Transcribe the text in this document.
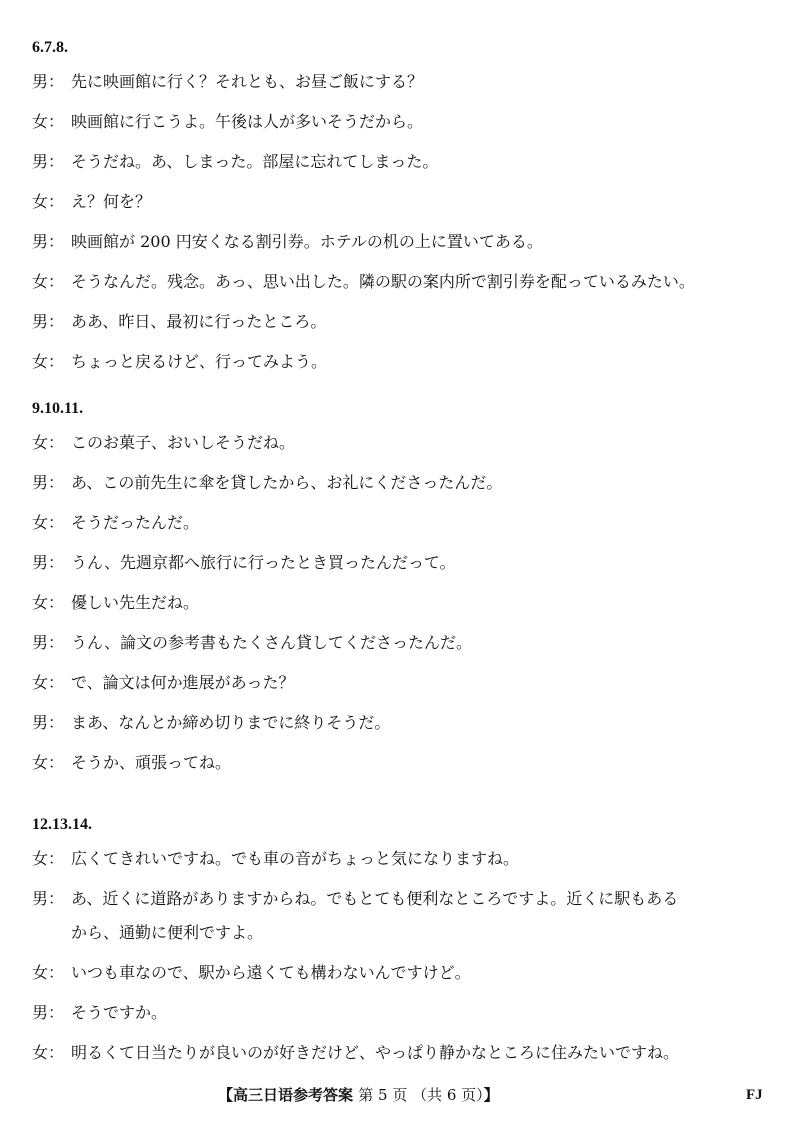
6.7.8.
男： 先に映画館に行く？それとも、お昼ご飯にする？
女： 映画館に行こうよ。午後は人が多いそうだから。
男： そうだね。あ、しまった。部屋に忘れてしまった。
女： え？何を？
男： 映画館が 200 円安くなる割引券。ホテルの机の上に置いてある。
女： そうなんだ。残念。あっ、思い出した。隣の駅の案内所で割引券を配っているみたい。
男： ああ、昨日、最初に行ったところ。
女： ちょっと戻るけど、行ってみよう。
9.10.11.
女： このお菓子、おいしそうだね。
男： あ、この前先生に傘を貸したから、お礼にくださったんだ。
女： そうだったんだ。
男： うん、先週京都へ旅行に行ったとき買ったんだって。
女： 優しい先生だね。
男： うん、論文の参考書もたくさん貸してくださったんだ。
女： で、論文は何か進展があった？
男： まあ、なんとか締め切りまでに終りそうだ。
女： そうか、頑張ってね。
12.13.14.
女： 広くてきれいですね。でも車の音がちょっと気になりますね。
男： あ、近くに道路がありますからね。でもとても便利なところですよ。近くに駅もある
から、通勤に便利ですよ。
女： いつも車なので、駅から遠くても構わないんですけど。
男： そうですか。
女： 明るくて日当たりが良いのが好きだけど、やっぱり静かなところに住みたいですね。
【高三日语参考答案 第 5 页 （共 6 页）】	FJ
